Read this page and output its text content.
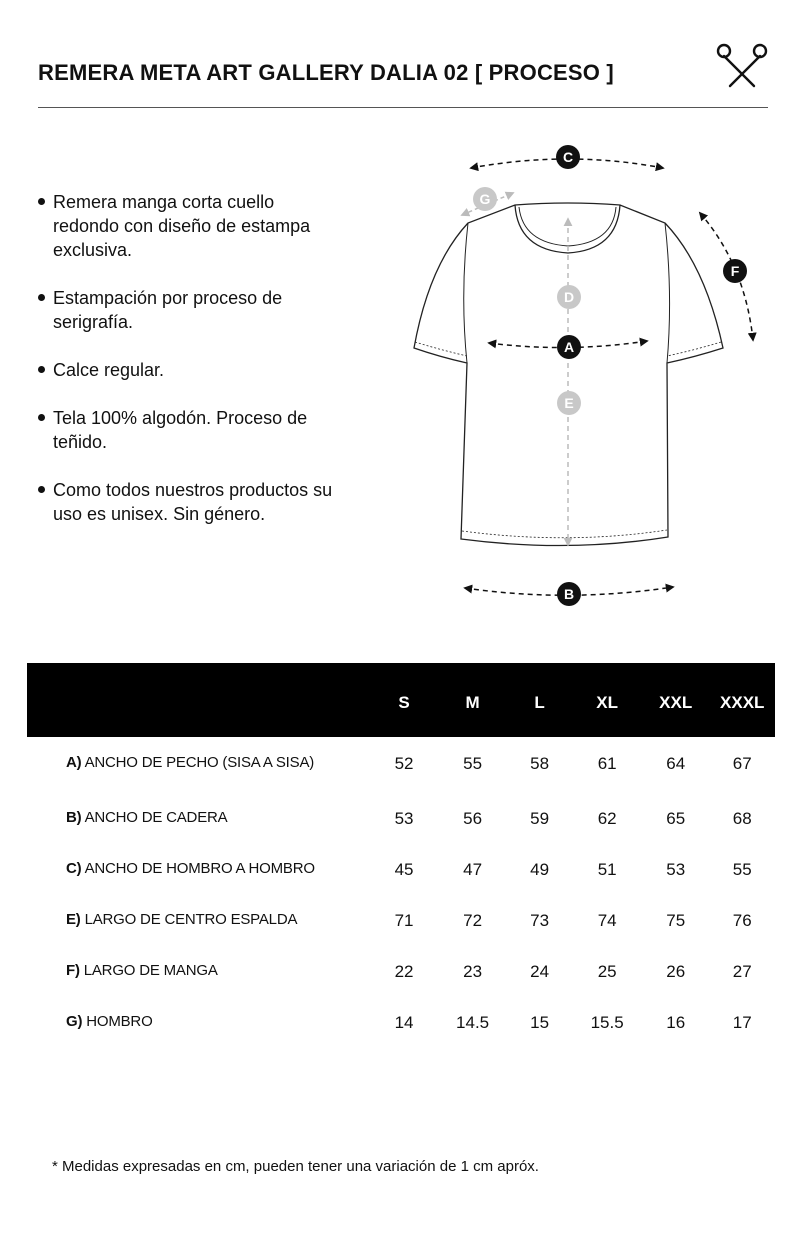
REMERA META ART GALLERY DALIA 02 [ PROCESO ]
Remera manga corta cuello redondo con diseño de estampa exclusiva.
Estampación por proceso de serigrafía.
Calce regular.
Tela 100% algodón. Proceso de teñido.
Como todos nuestros productos su uso es unisex. Sin género.
C
G
F
D
A
E
B
	S	M	L	XL	XXL	XXXL
A) ANCHO DE PECHO (SISA A SISA)	52	55	58	61	64	67
B) ANCHO DE CADERA	53	56	59	62	65	68
C) ANCHO DE HOMBRO A HOMBRO	45	47	49	51	53	55
E) LARGO DE CENTRO ESPALDA	71	72	73	74	75	76
F) LARGO DE MANGA	22	23	24	25	26	27
G) HOMBRO	14	14.5	15	15.5	16	17

* Medidas expresadas en cm, pueden tener una variación de 1 cm apróx.
